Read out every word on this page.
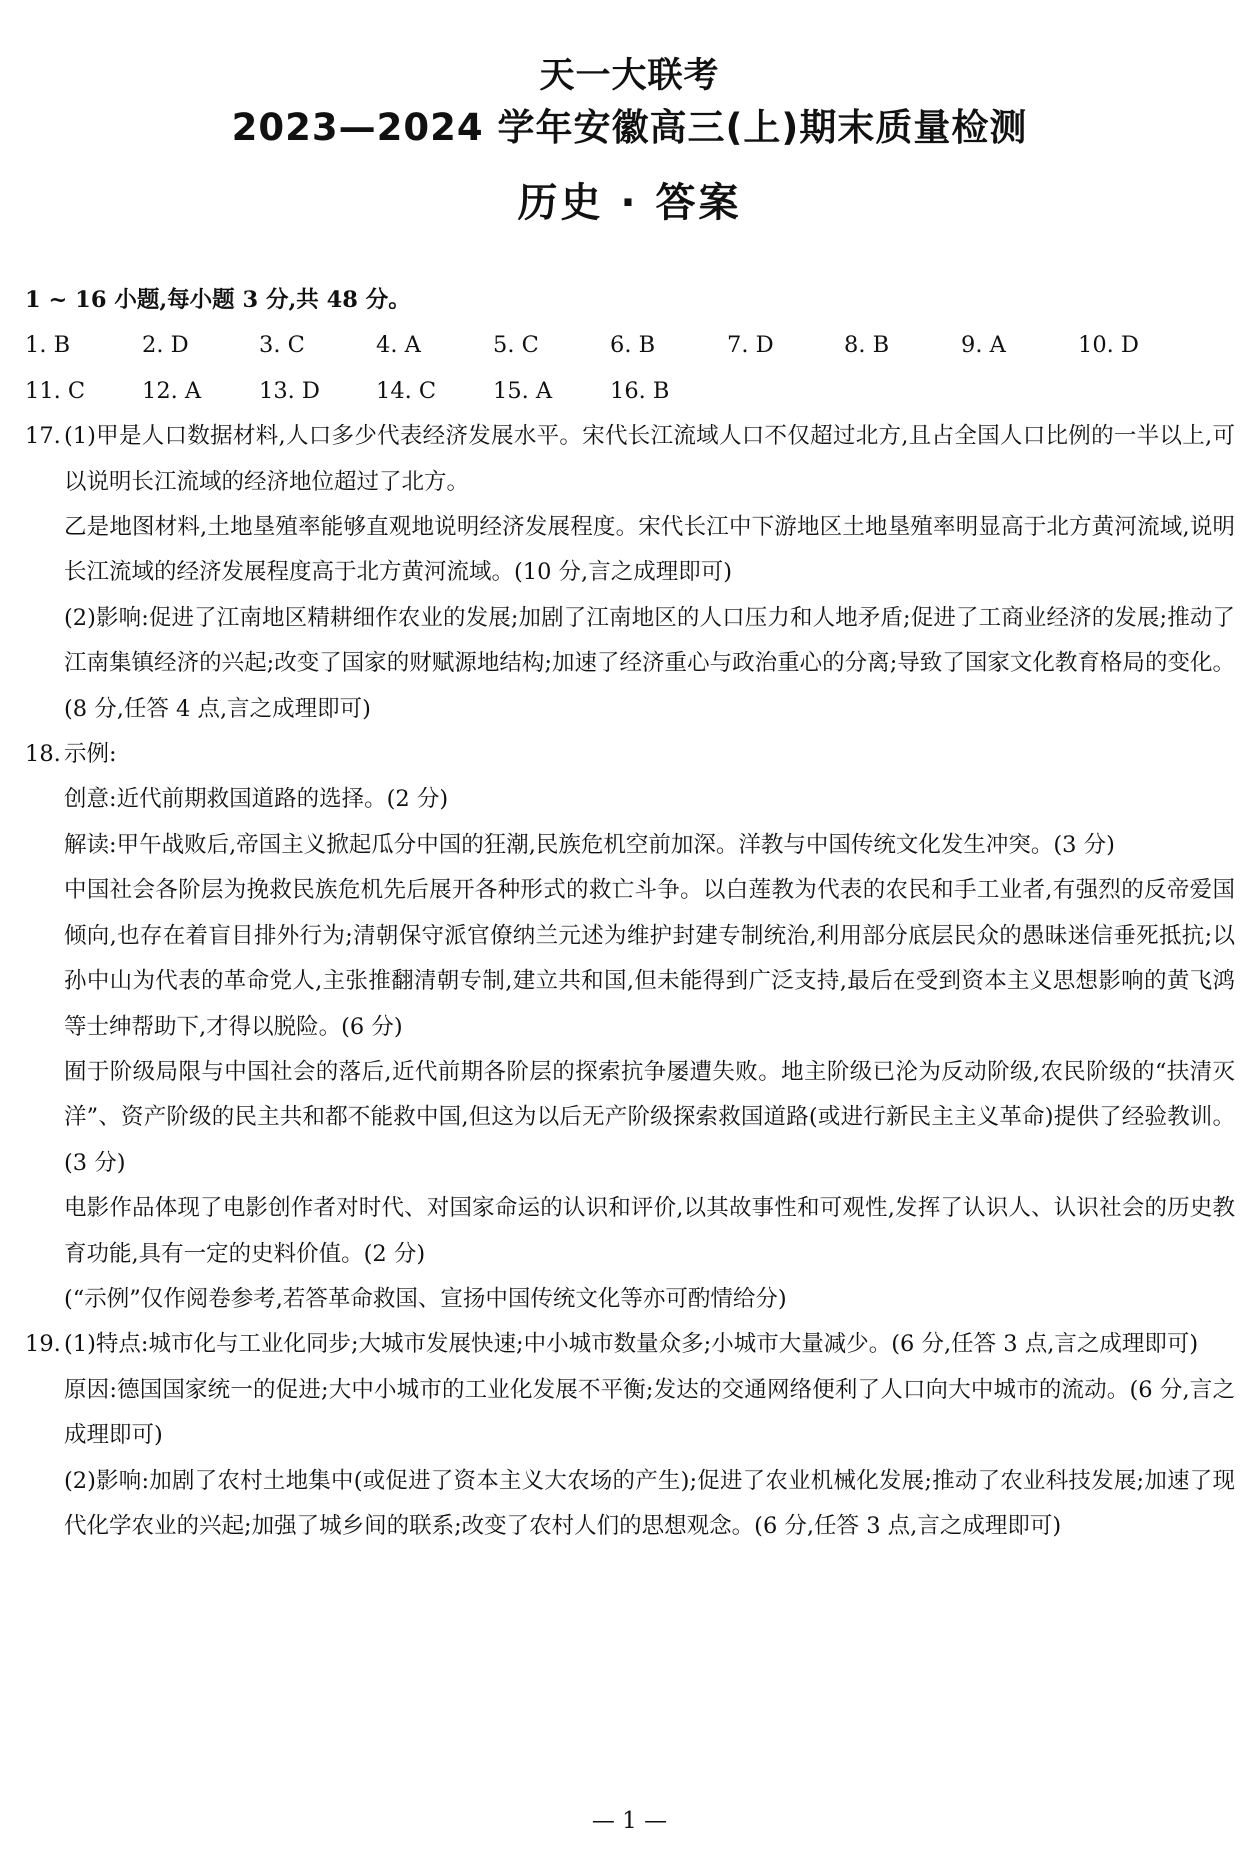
天一大联考
2023—2024 学年安徽高三(上)期末质量检测
历史 · 答案
1 ~ 16 小题,每小题 3 分,共 48 分。
1. B	2. D	3. C	4. A	5. C	6. B	7. D	8. B	9. A	10. D
11. C	12. A	13. D	14. C	15. A	16. B
17. (1)甲是人口数据材料,人口多少代表经济发展水平。宋代长江流域人口不仅超过北方,且占全国人口比例的一半以上,可以说明长江流域的经济地位超过了北方。

乙是地图材料,土地垦殖率能够直观地说明经济发展程度。宋代长江中下游地区土地垦殖率明显高于北方黄河流域,说明长江流域的经济发展程度高于北方黄河流域。(10 分,言之成理即可)

(2)影响:促进了江南地区精耕细作农业的发展;加剧了江南地区的人口压力和人地矛盾;促进了工商业经济的发展;推动了江南集镇经济的兴起;改变了国家的财赋源地结构;加速了经济重心与政治重心的分离;导致了国家文化教育格局的变化。(8 分,任答 4 点,言之成理即可)

18. 示例:

创意:近代前期救国道路的选择。(2 分)

解读:甲午战败后,帝国主义掀起瓜分中国的狂潮,民族危机空前加深。洋教与中国传统文化发生冲突。(3 分)

中国社会各阶层为挽救民族危机先后展开各种形式的救亡斗争。以白莲教为代表的农民和手工业者,有强烈的反帝爱国倾向,也存在着盲目排外行为;清朝保守派官僚纳兰元述为维护封建专制统治,利用部分底层民众的愚昧迷信垂死抵抗;以孙中山为代表的革命党人,主张推翻清朝专制,建立共和国,但未能得到广泛支持,最后在受到资本主义思想影响的黄飞鸿等士绅帮助下,才得以脱险。(6 分)

囿于阶级局限与中国社会的落后,近代前期各阶层的探索抗争屡遭失败。地主阶级已沦为反动阶级,农民阶级的“扶清灭洋”、资产阶级的民主共和都不能救中国,但这为以后无产阶级探索救国道路(或进行新民主主义革命)提供了经验教训。(3 分)

电影作品体现了电影创作者对时代、对国家命运的认识和评价,以其故事性和可观性,发挥了认识人、认识社会的历史教育功能,具有一定的史料价值。(2 分)

(“示例”仅作阅卷参考,若答革命救国、宣扬中国传统文化等亦可酌情给分)

19. (1)特点:城市化与工业化同步;大城市发展快速;中小城市数量众多;小城市大量减少。(6 分,任答 3 点,言之成理即可)

原因:德国国家统一的促进;大中小城市的工业化发展不平衡;发达的交通网络便利了人口向大中城市的流动。(6 分,言之成理即可)

(2)影响:加剧了农村土地集中(或促进了资本主义大农场的产生);促进了农业机械化发展;推动了农业科技发展;加速了现代化学农业的兴起;加强了城乡间的联系;改变了农村人们的思想观念。(6 分,任答 3 点,言之成理即可)

— 1 —
